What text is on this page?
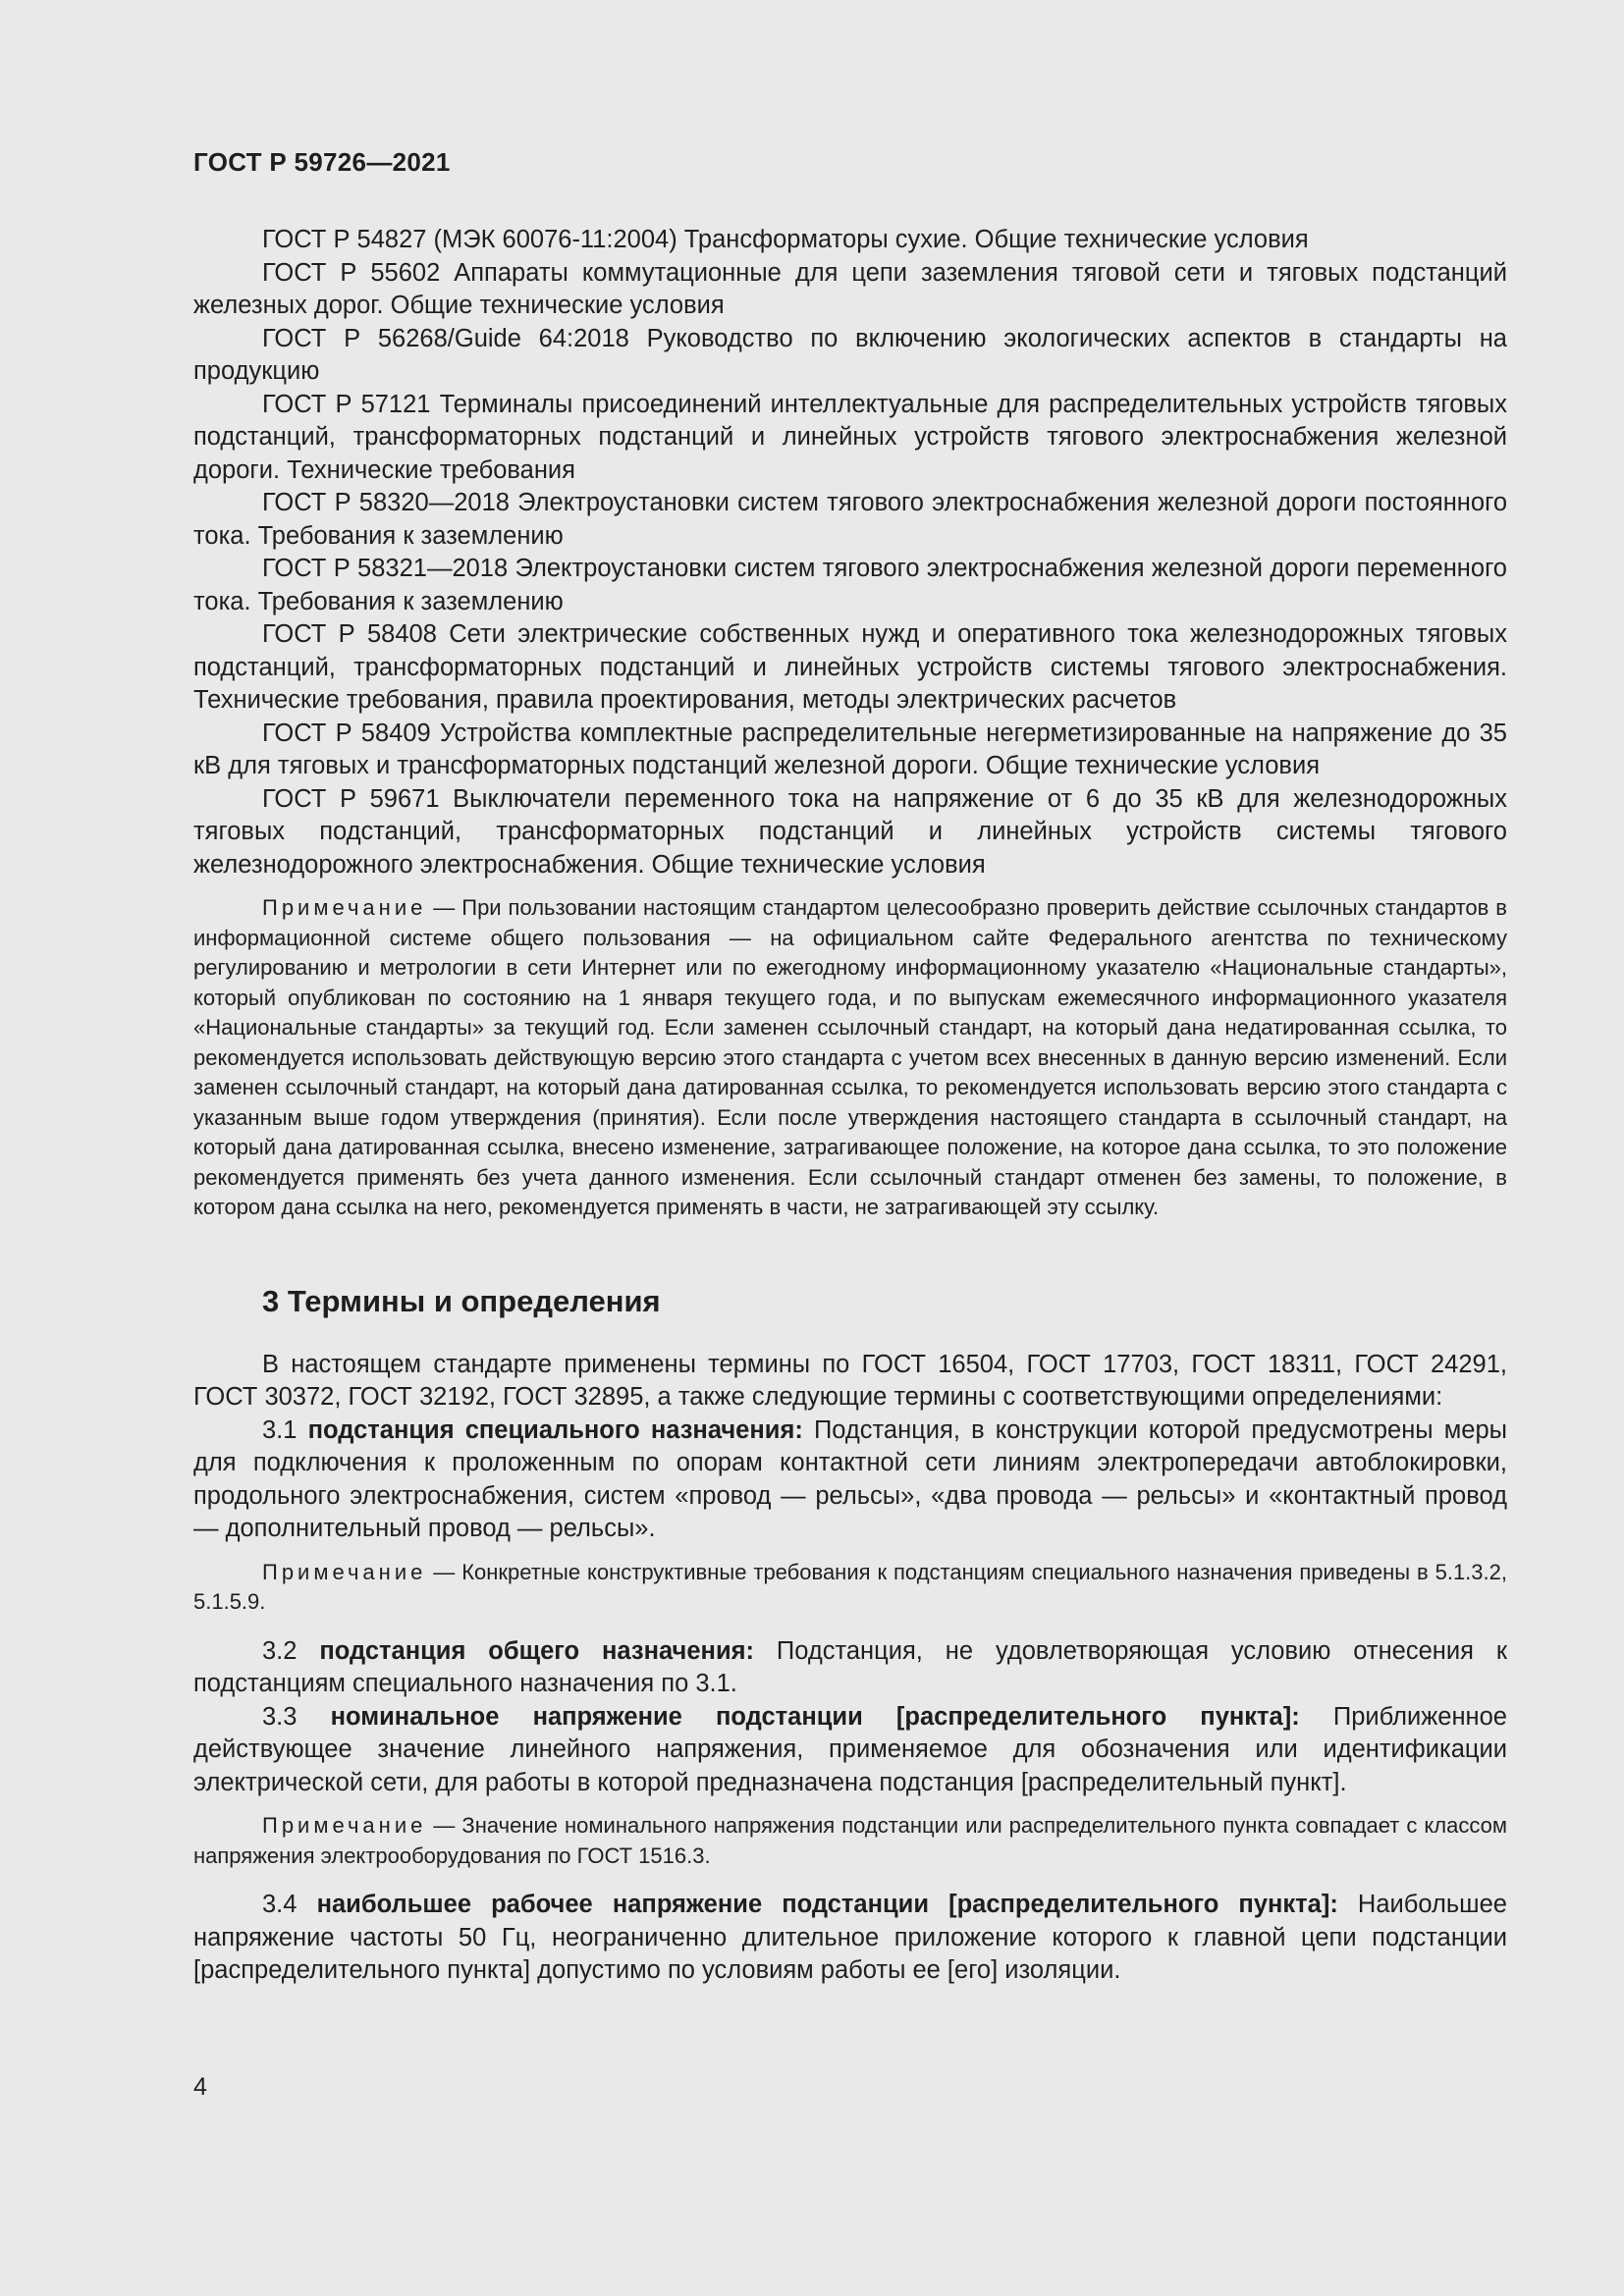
ГОСТ Р 59726—2021

ГОСТ Р 54827 (МЭК 60076-11:2004) Трансформаторы сухие. Общие технические условия

ГОСТ Р 55602 Аппараты коммутационные для цепи заземления тяговой сети и тяговых подстанций железных дорог. Общие технические условия

ГОСТ Р 56268/Guide 64:2018 Руководство по включению экологических аспектов в стандарты на продукцию

ГОСТ Р 57121 Терминалы присоединений интеллектуальные для распределительных устройств тяговых подстанций, трансформаторных подстанций и линейных устройств тягового электроснабжения железной дороги. Технические требования

ГОСТ Р 58320—2018 Электроустановки систем тягового электроснабжения железной дороги постоянного тока. Требования к заземлению

ГОСТ Р 58321—2018 Электроустановки систем тягового электроснабжения железной дороги переменного тока. Требования к заземлению

ГОСТ Р 58408 Сети электрические собственных нужд и оперативного тока железнодорожных тяговых подстанций, трансформаторных подстанций и линейных устройств системы тягового электроснабжения. Технические требования, правила проектирования, методы электрических расчетов

ГОСТ Р 58409 Устройства комплектные распределительные негерметизированные на напряжение до 35 кВ для тяговых и трансформаторных подстанций железной дороги. Общие технические условия

ГОСТ Р 59671 Выключатели переменного тока на напряжение от 6 до 35 кВ для железнодорожных тяговых подстанций, трансформаторных подстанций и линейных устройств системы тягового железнодорожного электроснабжения. Общие технические условия

Примечание — При пользовании настоящим стандартом целесообразно проверить действие ссылочных стандартов в информационной системе общего пользования — на официальном сайте Федерального агентства по техническому регулированию и метрологии в сети Интернет или по ежегодному информационному указателю «Национальные стандарты», который опубликован по состоянию на 1 января текущего года, и по выпускам ежемесячного информационного указателя «Национальные стандарты» за текущий год. Если заменен ссылочный стандарт, на который дана недатированная ссылка, то рекомендуется использовать действующую версию этого стандарта с учетом всех внесенных в данную версию изменений. Если заменен ссылочный стандарт, на который дана датированная ссылка, то рекомендуется использовать версию этого стандарта с указанным выше годом утверждения (принятия). Если после утверждения настоящего стандарта в ссылочный стандарт, на который дана датированная ссылка, внесено изменение, затрагивающее положение, на которое дана ссылка, то это положение рекомендуется применять без учета данного изменения. Если ссылочный стандарт отменен без замены, то положение, в котором дана ссылка на него, рекомендуется применять в части, не затрагивающей эту ссылку.

3 Термины и определения

В настоящем стандарте применены термины по ГОСТ 16504, ГОСТ 17703, ГОСТ 18311, ГОСТ 24291, ГОСТ 30372, ГОСТ 32192, ГОСТ 32895, а также следующие термины с соответствующими определениями:

3.1 подстанция специального назначения: Подстанция, в конструкции которой предусмотрены меры для подключения к проложенным по опорам контактной сети линиям электропередачи автоблокировки, продольного электроснабжения, систем «провод — рельсы», «два провода — рельсы» и «контактный провод — дополнительный провод — рельсы».

Примечание — Конкретные конструктивные требования к подстанциям специального назначения приведены в 5.1.3.2, 5.1.5.9.

3.2 подстанция общего назначения: Подстанция, не удовлетворяющая условию отнесения к подстанциям специального назначения по 3.1.

3.3 номинальное напряжение подстанции [распределительного пункта]: Приближенное действующее значение линейного напряжения, применяемое для обозначения или идентификации электрической сети, для работы в которой предназначена подстанция [распределительный пункт].

Примечание — Значение номинального напряжения подстанции или распределительного пункта совпадает с классом напряжения электрооборудования по ГОСТ 1516.3.

3.4 наибольшее рабочее напряжение подстанции [распределительного пункта]: Наибольшее напряжение частоты 50 Гц, неограниченно длительное приложение которого к главной цепи подстанции [распределительного пункта] допустимо по условиям работы ее [его] изоляции.

4
